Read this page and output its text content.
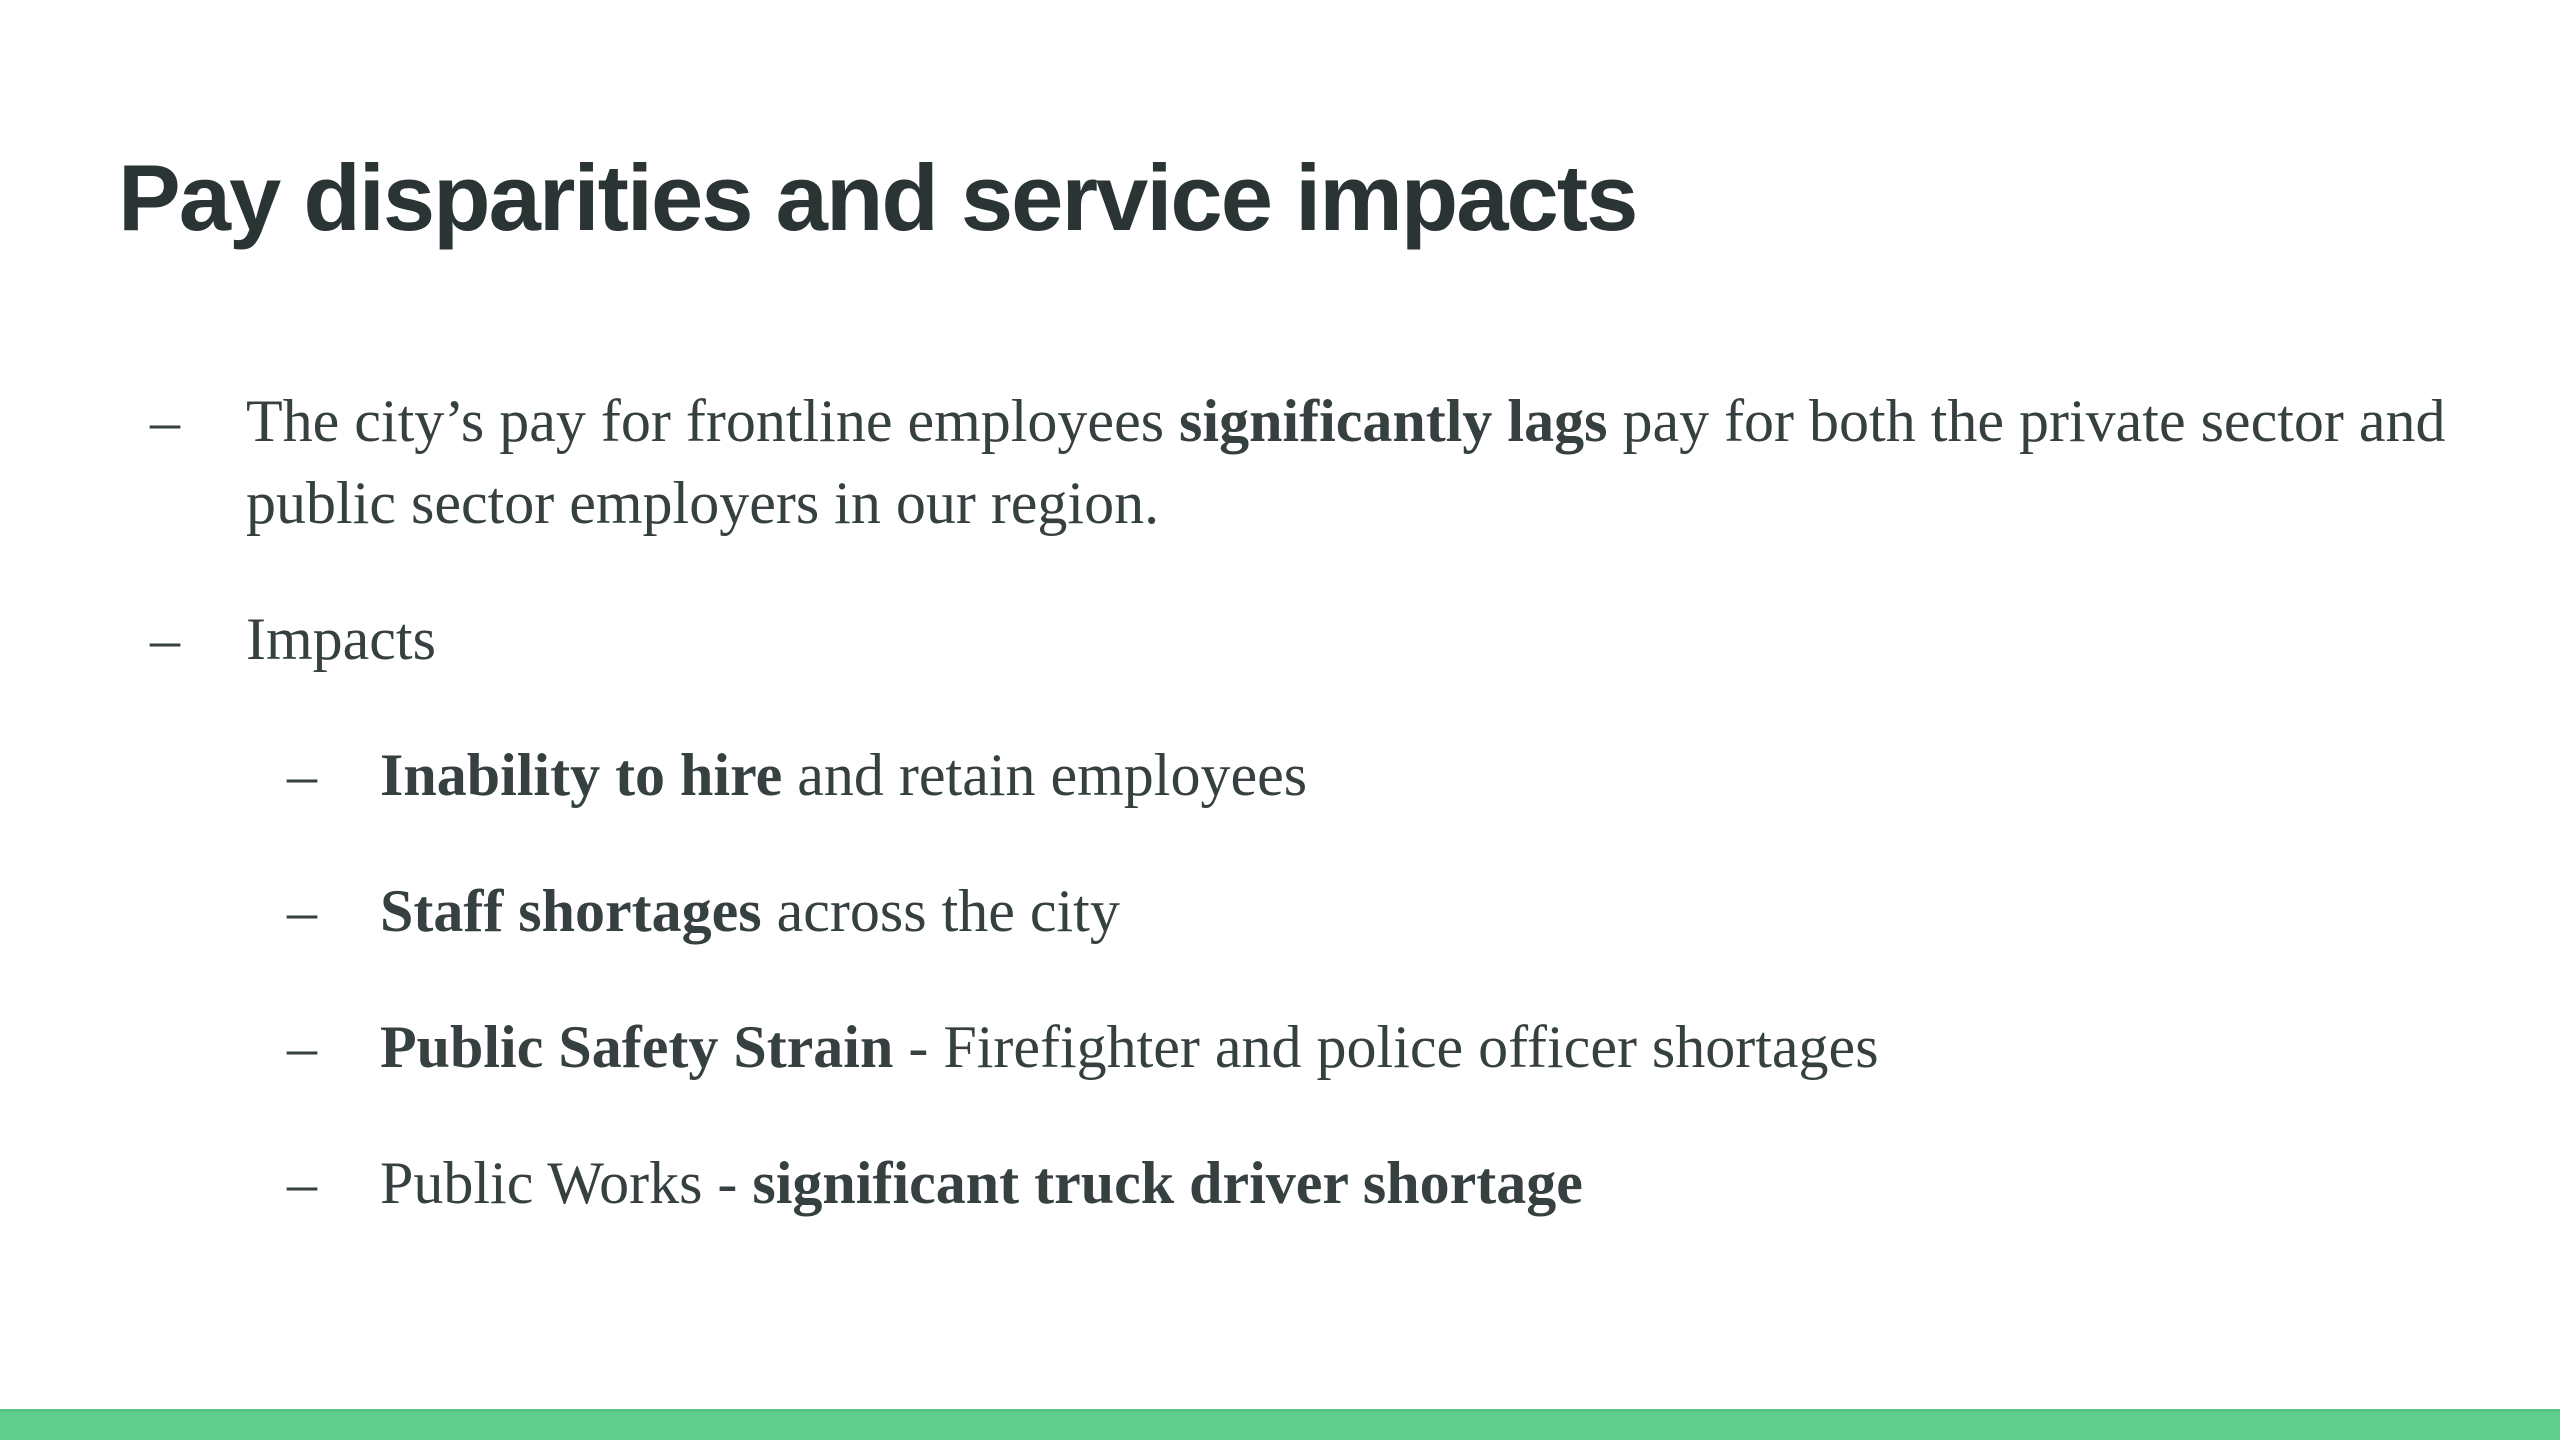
Pay disparities and service impacts
–	The city’s pay for frontline employees significantly lags pay for both the private sector and public sector employers in our region.
–	Impacts
–	Inability to hire and retain employees
–	Staff shortages across the city
–	Public Safety Strain - Firefighter and police officer shortages
–	Public Works - significant truck driver shortage
